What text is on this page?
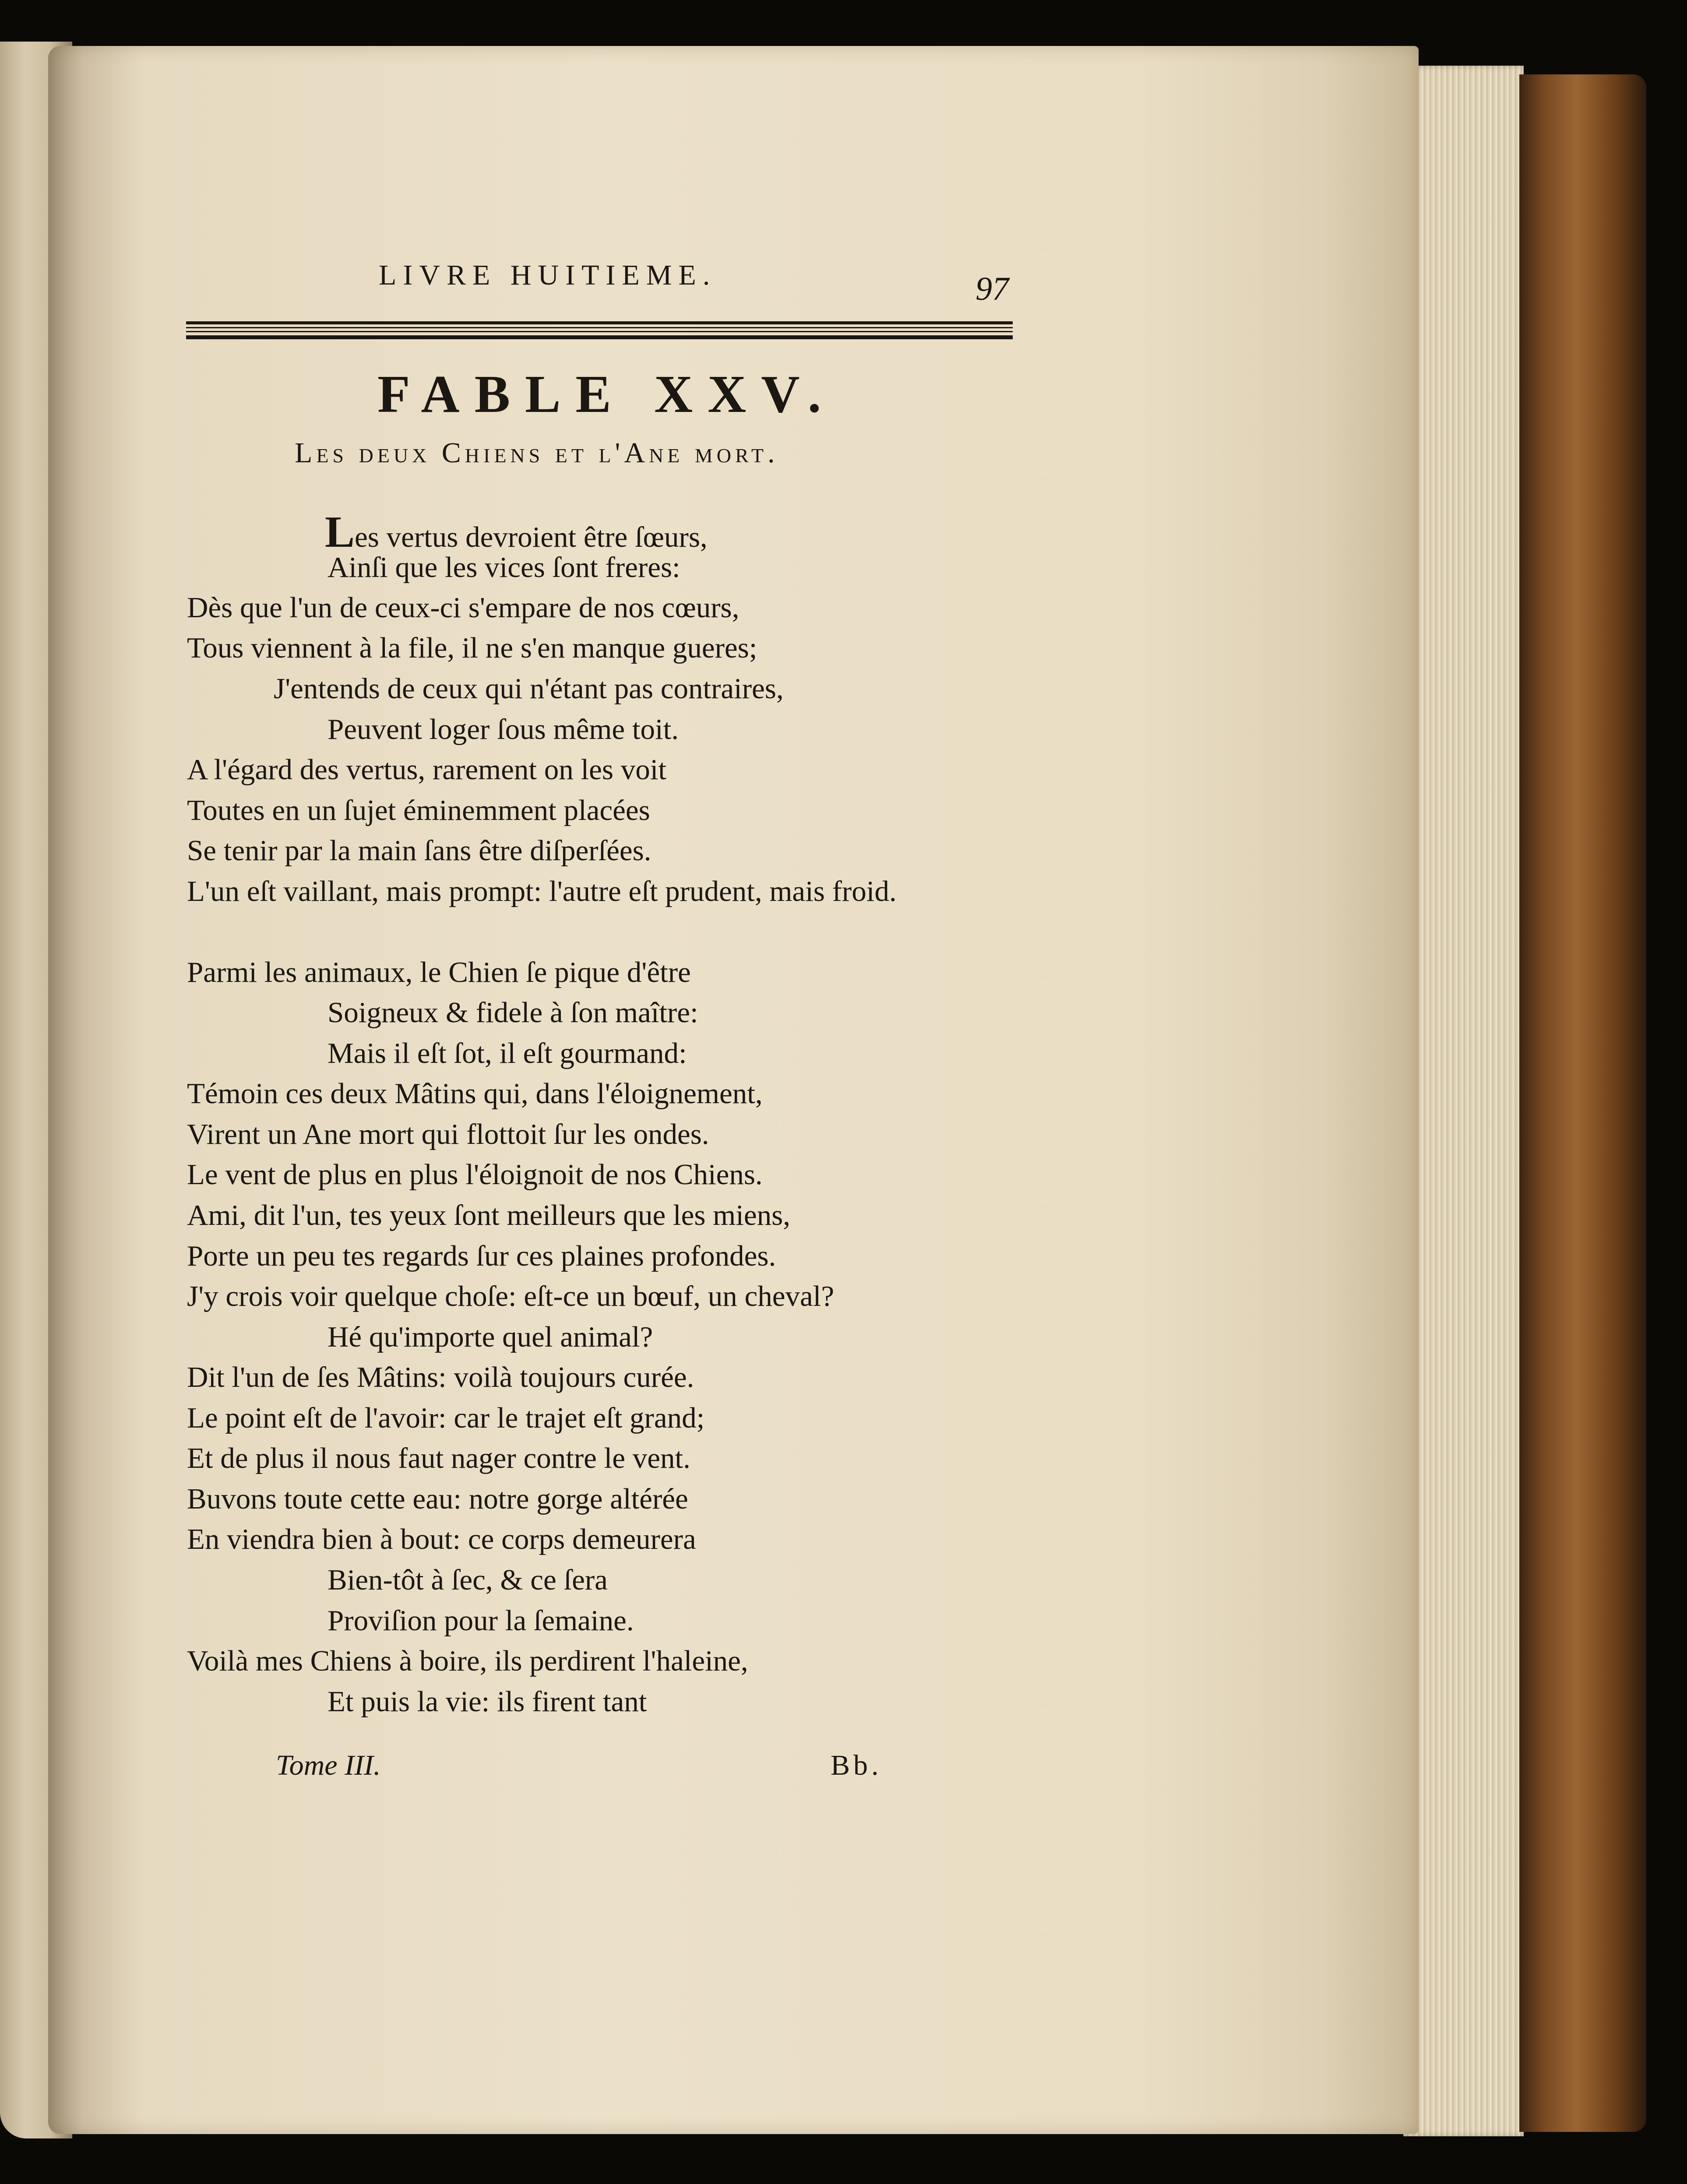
LIVRE HUITIEME.	97
FABLE XXV.
Les deux Chiens et l'Ane mort.
Les vertus devroient être ſœurs,
Ainſi que les vices ſont freres:
Dès que l'un de ceux-ci s'empare de nos cœurs,
Tous viennent à la file, il ne s'en manque gueres;
J'entends de ceux qui n'étant pas contraires,
Peuvent loger ſous même toit.
A l'égard des vertus, rarement on les voit
Toutes en un ſujet éminemment placées
Se tenir par la main ſans être diſperſées.
L'un eſt vaillant, mais prompt: l'autre eſt prudent, mais froid.
Parmi les animaux, le Chien ſe pique d'être
Soigneux & fidele à ſon maître:
Mais il eſt ſot, il eſt gourmand:
Témoin ces deux Mâtins qui, dans l'éloignement,
Virent un Ane mort qui flottoit ſur les ondes.
Le vent de plus en plus l'éloignoit de nos Chiens.
Ami, dit l'un, tes yeux ſont meilleurs que les miens,
Porte un peu tes regards ſur ces plaines profondes.
J'y crois voir quelque choſe: eſt-ce un bœuf, un cheval?
Hé qu'importe quel animal?
Dit l'un de ſes Mâtins: voilà toujours curée.
Le point eſt de l'avoir: car le trajet eſt grand;
Et de plus il nous faut nager contre le vent.
Buvons toute cette eau: notre gorge altérée
En viendra bien à bout: ce corps demeurera
Bien-tôt à ſec, & ce ſera
Proviſion pour la ſemaine.
Voilà mes Chiens à boire, ils perdirent l'haleine,
Et puis la vie: ils firent tant
Tome III.	Bb.
